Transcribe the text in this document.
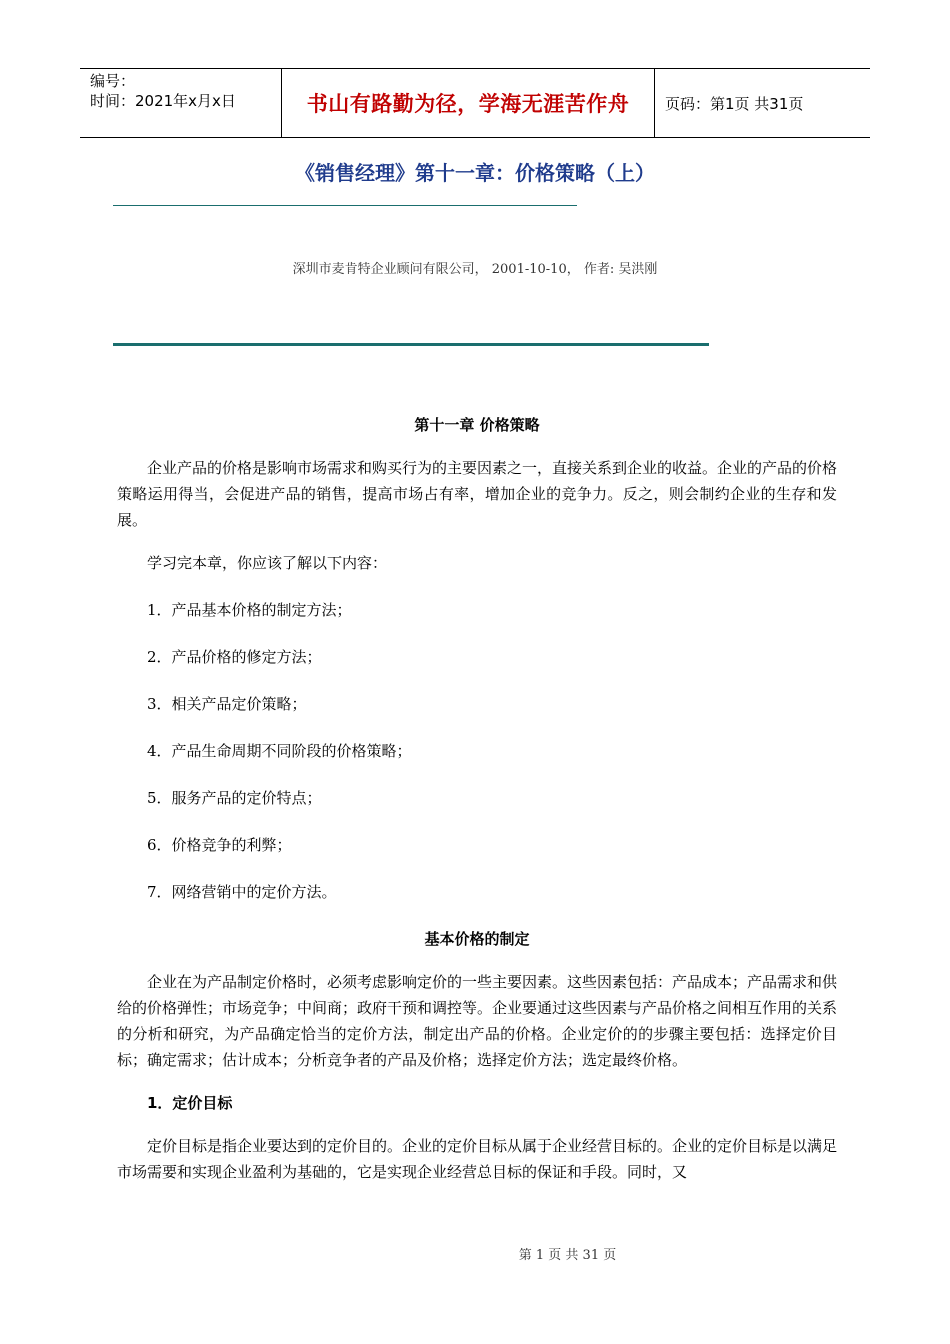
编号：
时间：2021年x月x日	书山有路勤为径，学海无涯苦作舟 页码：第1页 共31页
《销售经理》第十一章：价格策略（上）
深圳市麦肯特企业顾问有限公司， 2001-10-10， 作者: 吴洪刚

第十一章 价格策略

企业产品的价格是影响市场需求和购买行为的主要因素之一，直接关系到企业的收益。企业的产品的价格策略运用得当，会促进产品的销售，提高市场占有率，增加企业的竞争力。反之，则会制约企业的生存和发展。

学习完本章，你应该了解以下内容：

1．产品基本价格的制定方法；

2．产品价格的修定方法；

3．相关产品定价策略；

4．产品生命周期不同阶段的价格策略；

5．服务产品的定价特点；

6．价格竞争的利弊；

7．网络营销中的定价方法。

基本价格的制定

企业在为产品制定价格时，必须考虑影响定价的一些主要因素。这些因素包括：产品成本；产品需求和供给的价格弹性；市场竞争；中间商；政府干预和调控等。企业要通过这些因素与产品价格之间相互作用的关系的分析和研究，为产品确定恰当的定价方法，制定出产品的价格。企业定价的的步骤主要包括：选择定价目标；确定需求；估计成本；分析竞争者的产品及价格；选择定价方法；选定最终价格。

1．定价目标

定价目标是指企业要达到的定价目的。企业的定价目标从属于企业经营目标的。企业的定价目标是以满足市场需要和实现企业盈利为基础的，它是实现企业经营总目标的保证和手段。同时，又

第 1 页 共 31 页
